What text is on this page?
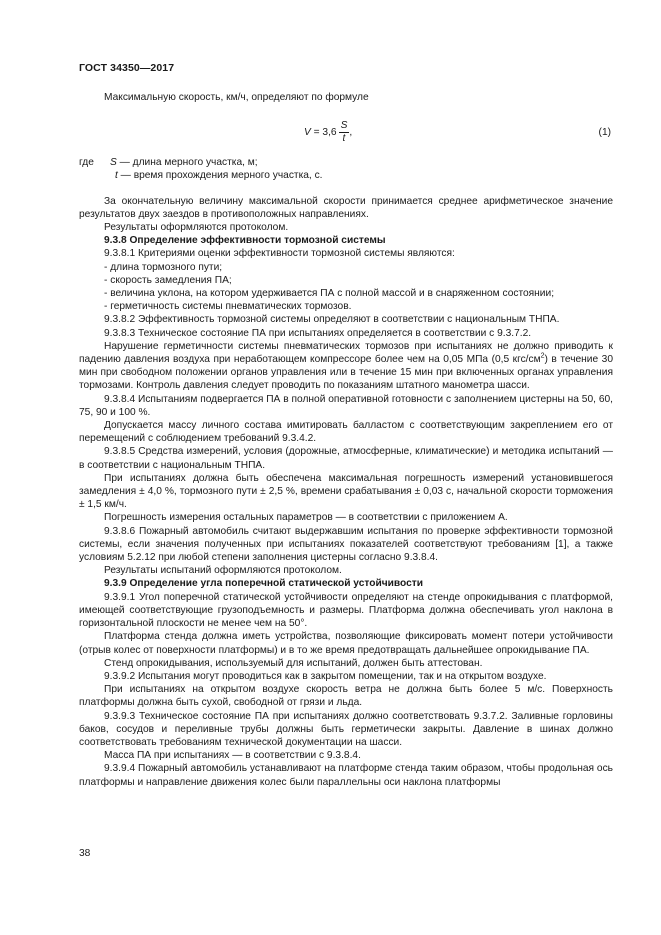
ГОСТ 34350—2017

Максимальную скорость, км/ч, определяют по формуле

$V = 3,6 \frac{S}{t}$ ,	(1)
где S — длина мерного участка, м;

t — время прохождения мерного участка, с.

За окончательную величину максимальной скорости принимается среднее арифметическое значение результатов двух заездов в противоположных направлениях.

Результаты оформляются протоколом.

9.3.8 Определение эффективности тормозной системы

9.3.8.1 Критериями оценки эффективности тормозной системы являются:

- длина тормозного пути;

- скорость замедления ПА;

- величина уклона, на котором удерживается ПА с полной массой и в снаряженном состоянии;

- герметичность системы пневматических тормозов.

9.3.8.2 Эффективность тормозной системы определяют в соответствии с национальным ТНПА.

9.3.8.3 Техническое состояние ПА при испытаниях определяется в соответствии с 9.3.7.2.

Нарушение герметичности системы пневматических тормозов при испытаниях не должно приводить к падению давления воздуха при неработающем компрессоре более чем на 0,05 МПа (0,5 кгс/$см^2$) в течение 30 мин при свободном положении органов управления или в течение 15 мин при включенных органах управления тормозами. Контроль давления следует проводить по показаниям штатного манометра шасси.

9.3.8.4 Испытаниям подвергается ПА в полной оперативной готовности с заполнением цистерны на 50, 60, 75, 90 и 100 %.

Допускается массу личного состава имитировать балластом с соответствующим закреплением его от перемещений с соблюдением требований 9.3.4.2.

9.3.8.5 Средства измерений, условия (дорожные, атмосферные, климатические) и методика испытаний — в соответствии с национальным ТНПА.

При испытаниях должна быть обеспечена максимальная погрешность измерений установившегося замедления ± 4,0 %, тормозного пути ± 2,5 %, времени срабатывания ± 0,03 с, начальной скорости торможения ± 1,5 км/ч.

Погрешность измерения остальных параметров — в соответствии с приложением А.

9.3.8.6 Пожарный автомобиль считают выдержавшим испытания по проверке эффективности тормозной системы, если значения полученных при испытаниях показателей соответствуют требованиям [1], а также условиям 5.2.12 при любой степени заполнения цистерны согласно 9.3.8.4.

Результаты испытаний оформляются протоколом.

9.3.9 Определение угла поперечной статической устойчивости

9.3.9.1 Угол поперечной статической устойчивости определяют на стенде опрокидывания с платформой, имеющей соответствующие грузоподъемность и размеры. Платформа должна обеспечивать угол наклона в горизонтальной плоскости не менее чем на 50°.

Платформа стенда должна иметь устройства, позволяющие фиксировать момент потери устойчивости (отрыв колес от поверхности платформы) и в то же время предотвращать дальнейшее опрокидывание ПА.

Стенд опрокидывания, используемый для испытаний, должен быть аттестован.

9.3.9.2 Испытания могут проводиться как в закрытом помещении, так и на открытом воздухе.

При испытаниях на открытом воздухе скорость ветра не должна быть более 5 м/с. Поверхность платформы должна быть сухой, свободной от грязи и льда.

9.3.9.3 Техническое состояние ПА при испытаниях должно соответствовать 9.3.7.2. Заливные горловины баков, сосудов и переливные трубы должны быть герметически закрыты. Давление в шинах должно соответствовать требованиям технической документации на шасси.

Масса ПА при испытаниях — в соответствии с 9.3.8.4.

9.3.9.4 Пожарный автомобиль устанавливают на платформе стенда таким образом, чтобы продольная ось платформы и направление движения колес были параллельны оси наклона платформы

38
